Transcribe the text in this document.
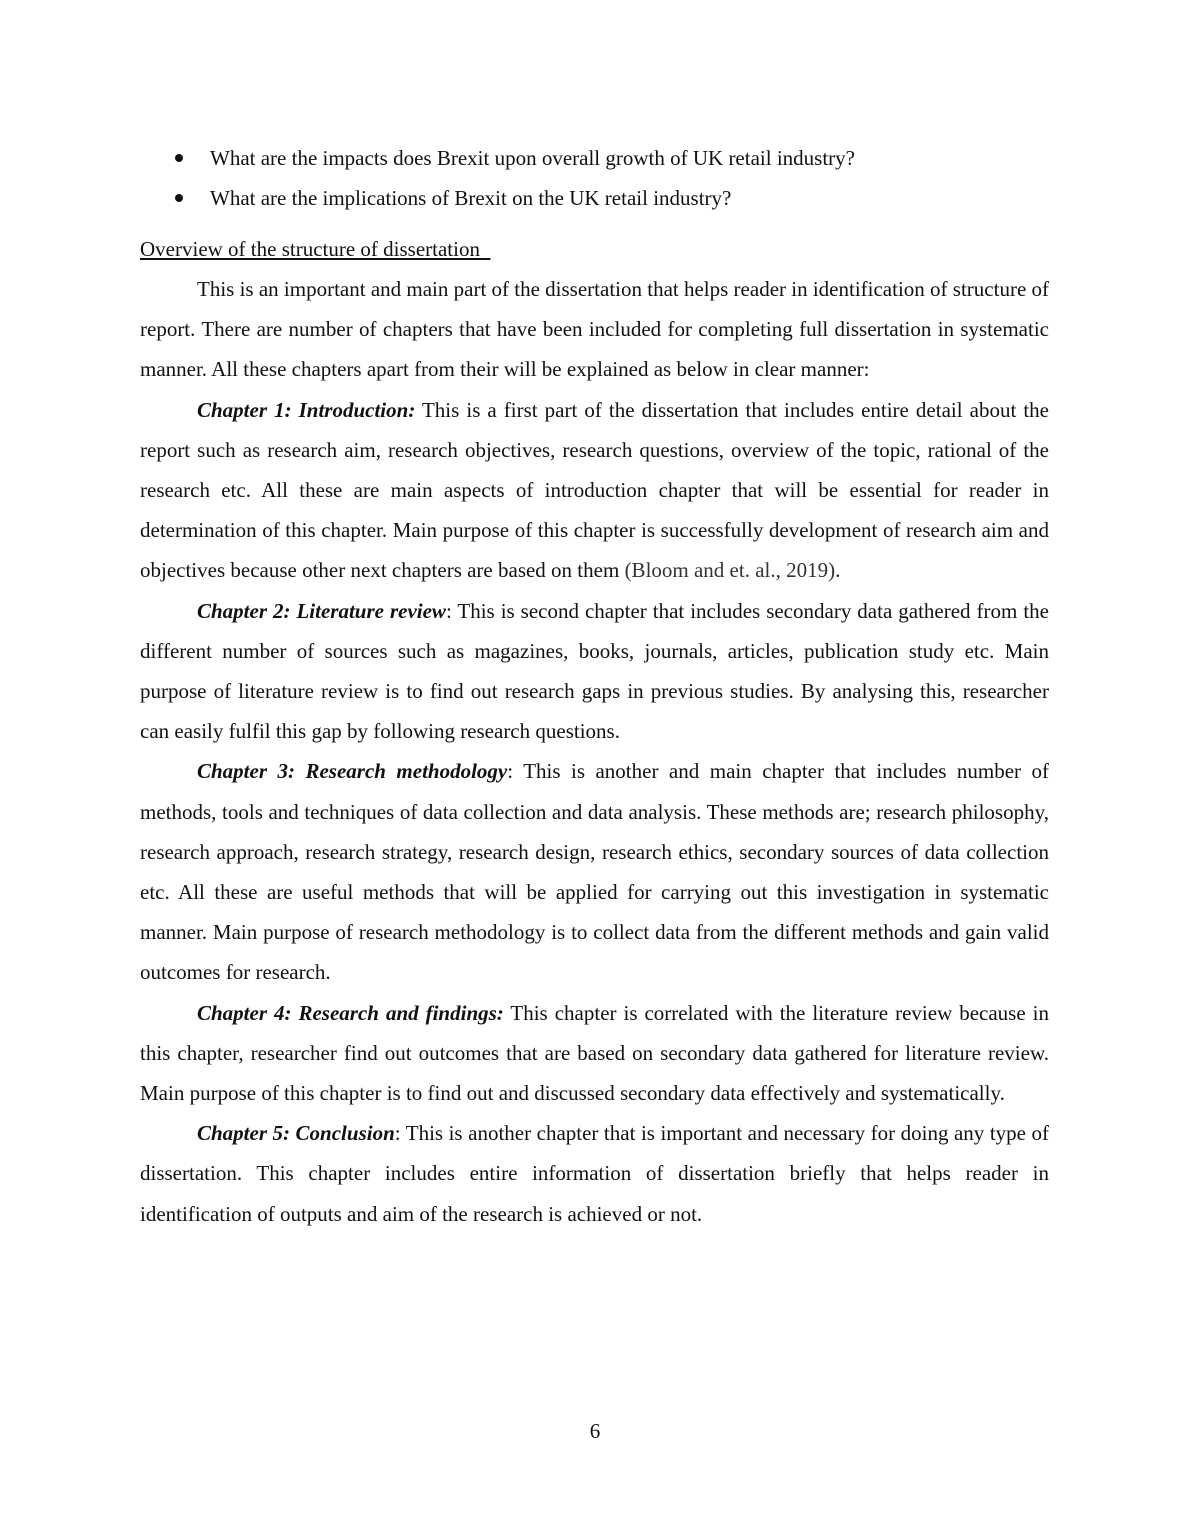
What are the impacts does Brexit upon overall growth of UK retail industry?
What are the implications of Brexit on the UK retail industry?
Overview of the structure of dissertation

This is an important and main part of the dissertation that helps reader in identification of structure of report. There are number of chapters that have been included for completing full dissertation in systematic manner. All these chapters apart from their will be explained as below in clear manner:

Chapter 1: Introduction: This is a first part of the dissertation that includes entire detail about the report such as research aim, research objectives, research questions, overview of the topic, rational of the research etc. All these are main aspects of introduction chapter that will be essential for reader in determination of this chapter. Main purpose of this chapter is successfully development of research aim and objectives because other next chapters are based on them (Bloom and et. al., 2019).

Chapter 2: Literature review: This is second chapter that includes secondary data gathered from the different number of sources such as magazines, books, journals, articles, publication study etc. Main purpose of literature review is to find out research gaps in previous studies. By analysing this, researcher can easily fulfil this gap by following research questions.

Chapter 3: Research methodology: This is another and main chapter that includes number of methods, tools and techniques of data collection and data analysis. These methods are; research philosophy, research approach, research strategy, research design, research ethics, secondary sources of data collection etc. All these are useful methods that will be applied for carrying out this investigation in systematic manner. Main purpose of research methodology is to collect data from the different methods and gain valid outcomes for research.

Chapter 4: Research and findings: This chapter is correlated with the literature review because in this chapter, researcher find out outcomes that are based on secondary data gathered for literature review. Main purpose of this chapter is to find out and discussed secondary data effectively and systematically.

Chapter 5: Conclusion: This is another chapter that is important and necessary for doing any type of dissertation. This chapter includes entire information of dissertation briefly that helps reader in identification of outputs and aim of the research is achieved or not.

6
